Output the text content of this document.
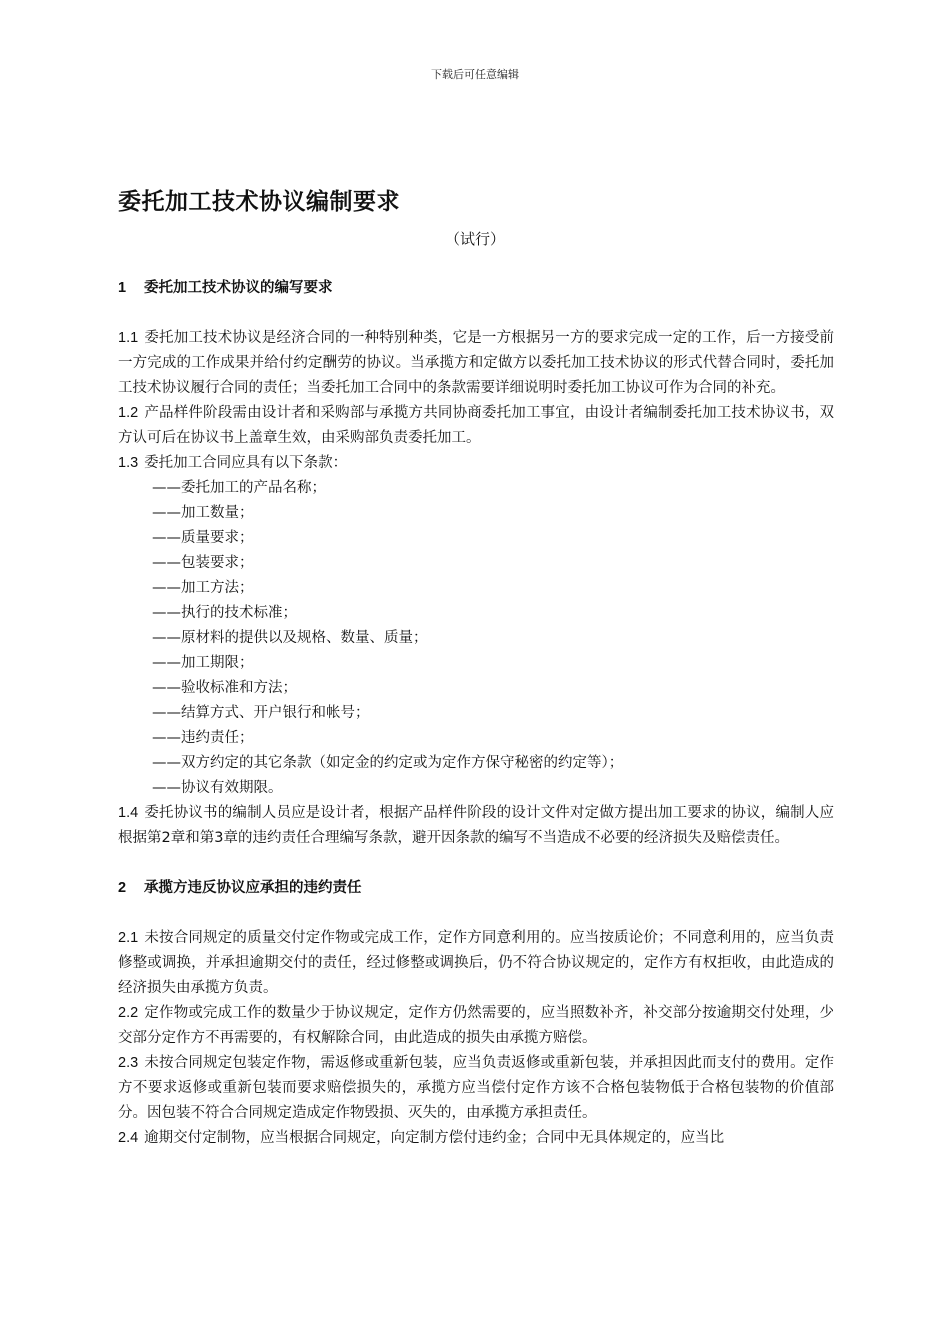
下载后可任意编辑
委托加工技术协议编制要求
（试行）
1 委托加工技术协议的编写要求

1.1 委托加工技术协议是经济合同的一种特别种类，它是一方根据另一方的要求完成一定的工作，后一方接受前一方完成的工作成果并给付约定酬劳的协议。当承揽方和定做方以委托加工技术协议的形式代替合同时，委托加工技术协议履行合同的责任；当委托加工合同中的条款需要详细说明时委托加工协议可作为合同的补充。

1.2 产品样件阶段需由设计者和采购部与承揽方共同协商委托加工事宜，由设计者编制委托加工技术协议书，双方认可后在协议书上盖章生效，由采购部负责委托加工。

1.3 委托加工合同应具有以下条款：

——委托加工的产品名称；
——加工数量；
——质量要求；
——包装要求；
——加工方法；
——执行的技术标准；
——原材料的提供以及规格、数量、质量；
——加工期限；
——验收标准和方法；
——结算方式、开户银行和帐号；
——违约责任；
——双方约定的其它条款（如定金的约定或为定作方保守秘密的约定等）；
——协议有效期限。

1.4 委托协议书的编制人员应是设计者，根据产品样件阶段的设计文件对定做方提出加工要求的协议，编制人应根据第2章和第3章的违约责任合理编写条款，避开因条款的编写不当造成不必要的经济损失及赔偿责任。

2 承揽方违反协议应承担的违约责任

2.1 未按合同规定的质量交付定作物或完成工作，定作方同意利用的。应当按质论价；不同意利用的，应当负责修整或调换，并承担逾期交付的责任，经过修整或调换后，仍不符合协议规定的，定作方有权拒收，由此造成的经济损失由承揽方负责。

2.2 定作物或完成工作的数量少于协议规定，定作方仍然需要的，应当照数补齐，补交部分按逾期交付处理，少交部分定作方不再需要的，有权解除合同，由此造成的损失由承揽方赔偿。

2.3 未按合同规定包装定作物，需返修或重新包装，应当负责返修或重新包装，并承担因此而支付的费用。定作方不要求返修或重新包装而要求赔偿损失的，承揽方应当偿付定作方该不合格包装物低于合格包装物的价值部分。因包装不符合合同规定造成定作物毁损、灭失的，由承揽方承担责任。

2.4 逾期交付定制物，应当根据合同规定，向定制方偿付违约金；合同中无具体规定的，应当比
